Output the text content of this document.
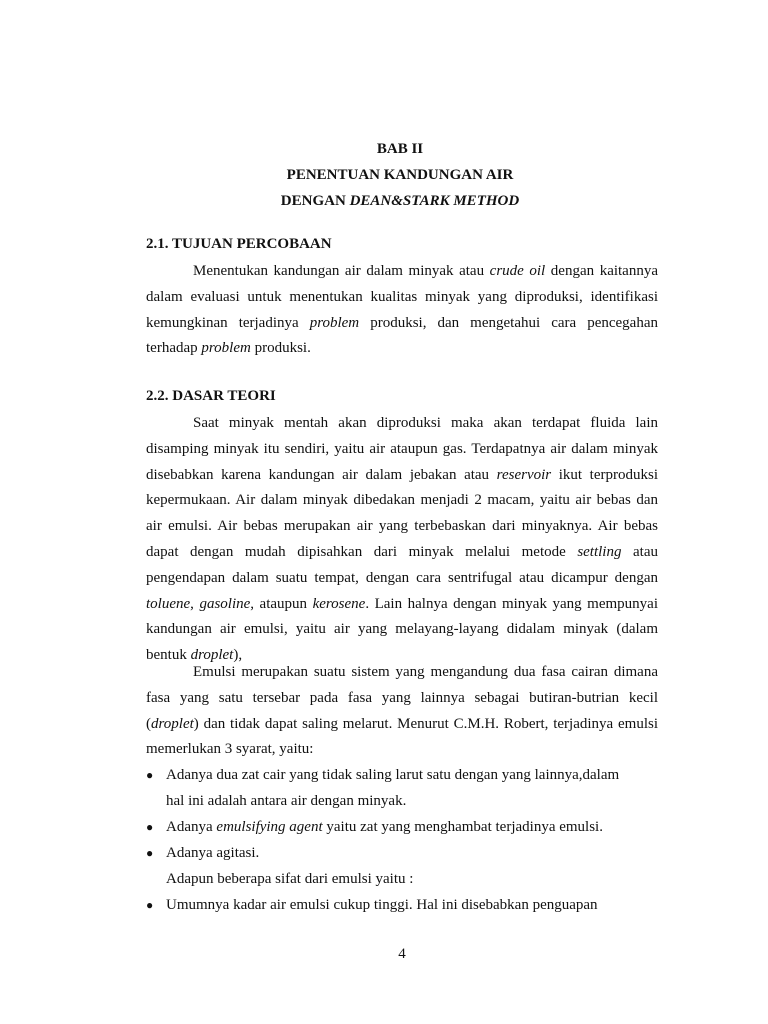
BAB II
PENENTUAN KANDUNGAN AIR
DENGAN DEAN&STARK METHOD
2.1. TUJUAN PERCOBAAN
Menentukan kandungan air dalam minyak atau crude oil dengan kaitannya
dalam evaluasi untuk menentukan kualitas minyak yang diproduksi, identifikasi
kemungkinan terjadinya problem produksi, dan mengetahui cara pencegahan
terhadap problem produksi.
2.2. DASAR TEORI
Saat minyak mentah akan diproduksi maka akan terdapat fluida lain
disamping minyak itu sendiri, yaitu air ataupun gas. Terdapatnya air dalam minyak
disebabkan karena kandungan air dalam jebakan atau reservoir ikut terproduksi
kepermukaan. Air dalam minyak dibedakan menjadi 2 macam, yaitu air bebas dan
air emulsi. Air bebas merupakan air yang terbebaskan dari minyaknya. Air bebas
dapat dengan mudah dipisahkan dari minyak melalui metode settling atau
pengendapan dalam suatu tempat, dengan cara sentrifugal atau dicampur dengan
toluene, gasoline, ataupun kerosene. Lain halnya dengan minyak yang mempunyai
kandungan air emulsi, yaitu air yang melayang-layang didalam minyak (dalam
bentuk droplet),
Emulsi merupakan suatu sistem yang mengandung dua fasa cairan dimana
fasa yang satu tersebar pada fasa yang lainnya sebagai butiran-butrian kecil
(droplet) dan tidak dapat saling melarut. Menurut C.M.H. Robert, terjadinya emulsi
memerlukan 3 syarat, yaitu:
● Adanya dua zat cair yang tidak saling larut satu dengan yang lainnya,dalam
hal ini adalah antara air dengan minyak.
● Adanya emulsifying agent yaitu zat yang menghambat terjadinya emulsi.
● Adanya agitasi.
Adapun beberapa sifat dari emulsi yaitu :
● Umumnya kadar air emulsi cukup tinggi. Hal ini disebabkan penguapan
4
